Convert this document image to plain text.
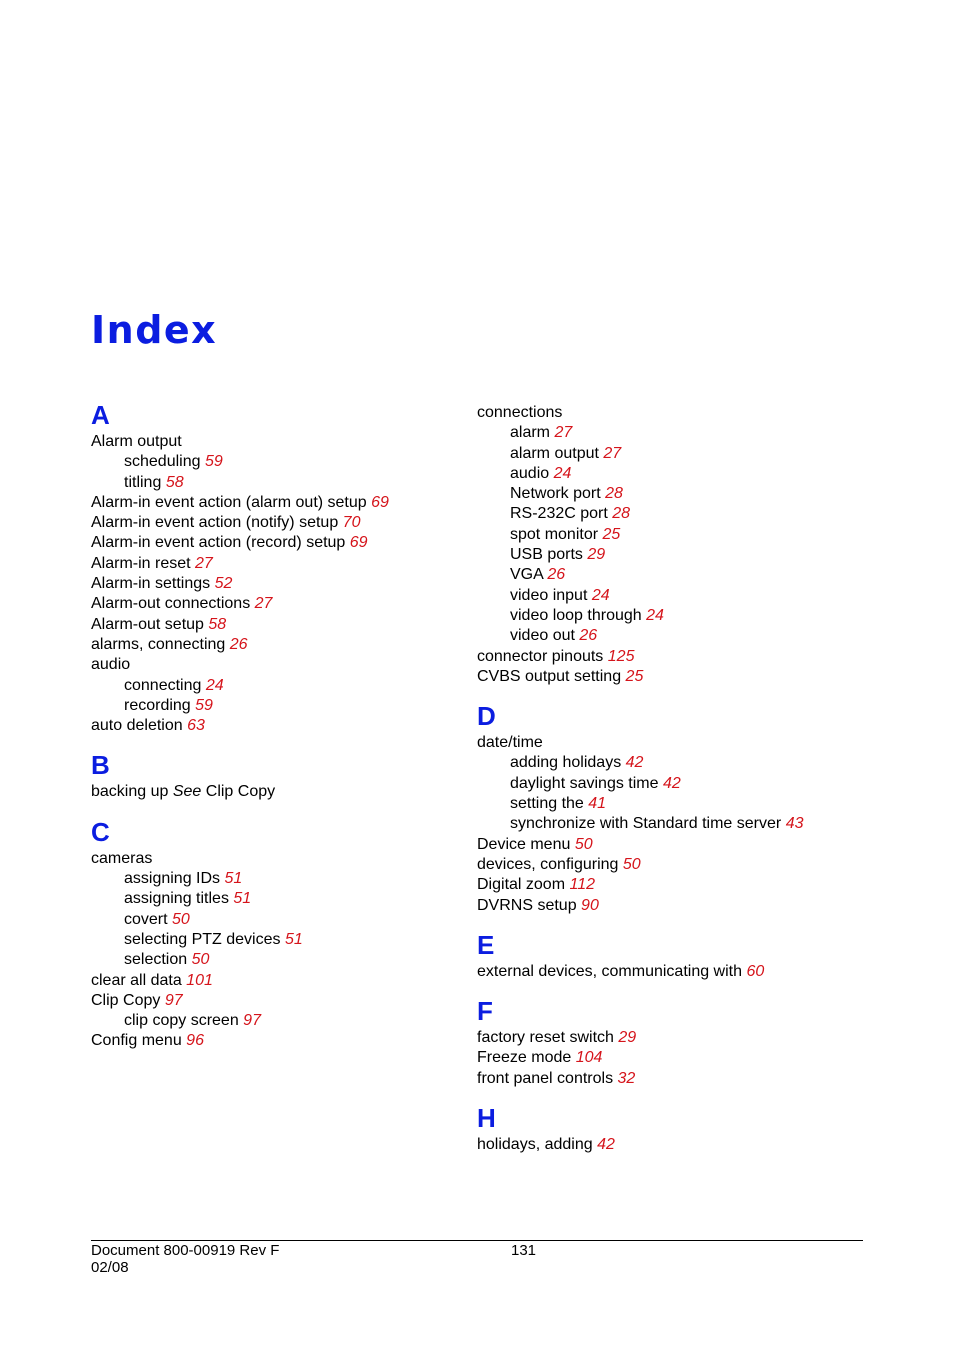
Index
A
Alarm output
scheduling 59
titling 58
Alarm-in event action (alarm out) setup 69
Alarm-in event action (notify) setup 70
Alarm-in event action (record) setup 69
Alarm-in reset 27
Alarm-in settings 52
Alarm-out connections 27
Alarm-out setup 58
alarms, connecting 26
audio
connecting 24
recording 59
auto deletion 63
B
backing up See Clip Copy
C
cameras
assigning IDs 51
assigning titles 51
covert 50
selecting PTZ devices 51
selection 50
clear all data 101
Clip Copy 97
clip copy screen 97
Config menu 96
connections
alarm 27
alarm output 27
audio 24
Network port 28
RS-232C port 28
spot monitor 25
USB ports 29
VGA 26
video input 24
video loop through 24
video out 26
connector pinouts 125
CVBS output setting 25
D
date/time
adding holidays 42
daylight savings time 42
setting the 41
synchronize with Standard time server 43
Device menu 50
devices, configuring 50
Digital zoom 112
DVRNS setup 90
E
external devices, communicating with 60
F
factory reset switch 29
Freeze mode 104
front panel controls 32
H
holidays, adding 42
Document 800-00919 Rev F
02/08
131
